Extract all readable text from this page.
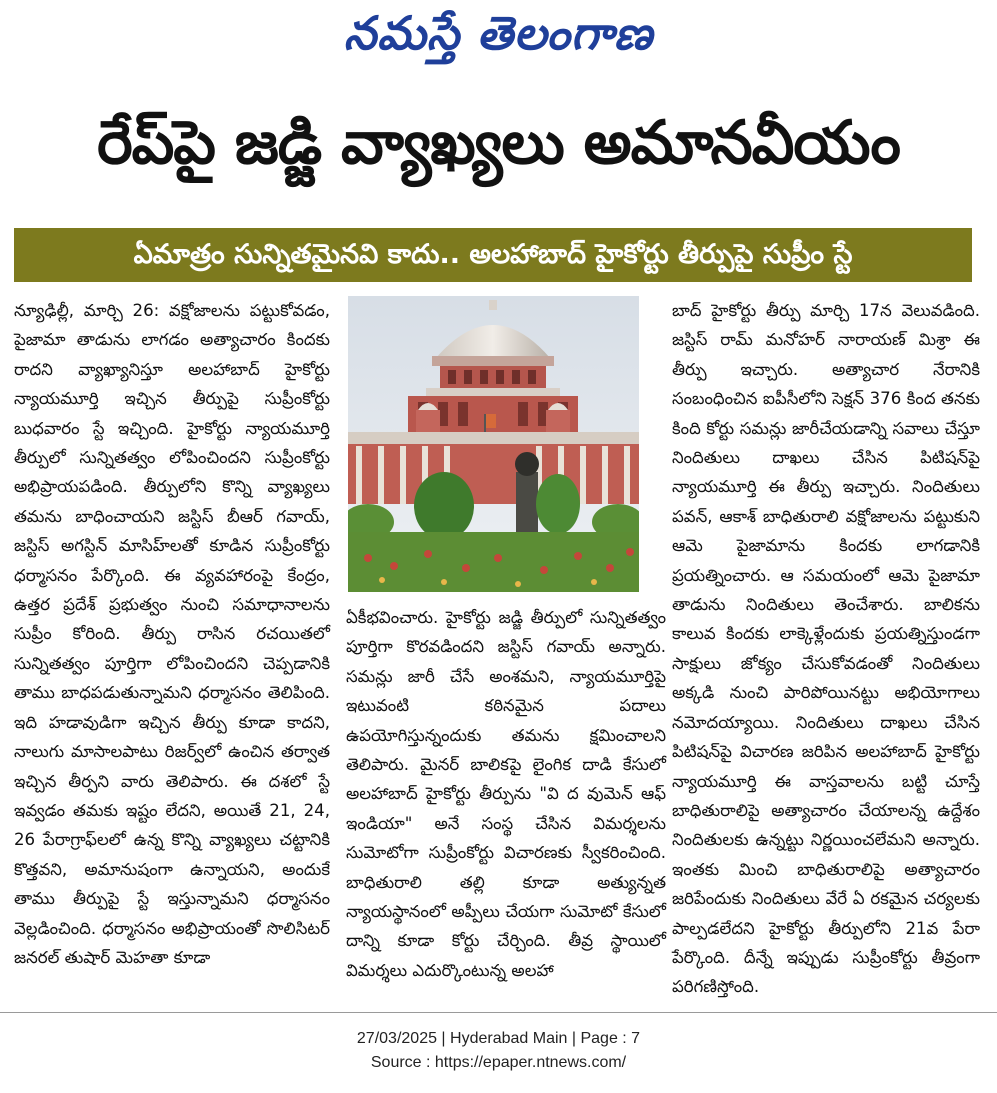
నమస్తే తెలంగాణ
రేప్‌పై జడ్జి వ్యాఖ్యలు అమానవీయం
ఏమాత్రం సున్నితమైనవి కాదు.. అలహాబాద్ హైకోర్టు తీర్పుపై సుప్రీం స్టే

న్యూఢిల్లీ, మార్చి 26: వక్షోజాలను పట్టుకోవడం, పైజామా తాడును లాగడం అత్యాచారం కిందకు రాదని వ్యాఖ్యానిస్తూ అలహాబాద్ హైకోర్టు న్యాయమూర్తి ఇచ్చిన తీర్పుపై సుప్రీంకోర్టు బుధవారం స్టే ఇచ్చింది. హైకోర్టు న్యాయమూర్తి తీర్పులో సున్నితత్వం లోపించిందని సుప్రీంకోర్టు అభిప్రాయపడింది. తీర్పులోని కొన్ని వ్యాఖ్యలు తమను బాధించాయని జస్టిస్ బీఆర్ గవాయ్, జస్టిస్ అగస్టిన్ మాసిహ్‌లతో కూడిన సుప్రీంకోర్టు ధర్మాసనం పేర్కొంది. ఈ వ్యవహారంపై కేంద్రం, ఉత్తర ప్రదేశ్ ప్రభుత్వం నుంచి సమాధానాలను సుప్రీం కోరింది. తీర్పు రాసిన రచయితలో సున్నితత్వం పూర్తిగా లోపించిందని చెప్పడానికి తాము బాధపడుతున్నామని ధర్మాసనం తెలిపింది. ఇది హడావుడిగా ఇచ్చిన తీర్పు కూడా కాదని, నాలుగు మాసాలపాటు రిజర్వ్‌లో ఉంచిన తర్వాత ఇచ్చిన తీర్పని వారు తెలిపారు. ఈ దశలో స్టే ఇవ్వడం తమకు ఇష్టం లేదని, అయితే 21, 24, 26 పేరాగ్రాఫ్‌లలో ఉన్న కొన్ని వ్యాఖ్యలు చట్టానికి కొత్తవని, అమానుషంగా ఉన్నాయని, అందుకే తాము తీర్పుపై స్టే ఇస్తున్నామని ధర్మాసనం వెల్లడించింది. ధర్మాసనం అభిప్రాయంతో సొలిసిటర్ జనరల్ తుషార్ మెహతా కూడా

ఏకీభవించారు. హైకోర్టు జడ్జి తీర్పులో సున్నితత్వం పూర్తిగా కొరవడిందని జస్టిస్ గవాయ్ అన్నారు. సమన్లు జారీ చేసే అంశమని, న్యాయమూర్తిపై ఇటువంటి కఠినమైన పదాలు ఉపయోగిస్తున్నందుకు తమను క్షమించాలని తెలిపారు. మైనర్ బాలికపై లైంగిక దాడి కేసులో అలహాబాద్ హైకోర్టు తీర్పును "వి ద వుమెన్ ఆఫ్ ఇండియా" అనే సంస్థ చేసిన విమర్శలను సుమోటోగా సుప్రీంకోర్టు విచారణకు స్వీకరించింది. బాధితురాలి తల్లి కూడా అత్యున్నత న్యాయస్థానంలో అప్పీలు చేయగా సుమోటో కేసులో దాన్ని కూడా కోర్టు చేర్చింది. తీవ్ర స్థాయిలో విమర్శలు ఎదుర్కొంటున్న అలహా

బాద్ హైకోర్టు తీర్పు మార్చి 17న వెలువడింది. జస్టిస్ రామ్ మనోహర్ నారాయణ్ మిశ్రా ఈ తీర్పు ఇచ్చారు. అత్యాచార నేరానికి సంబంధించిన ఐపీసీలోని సెక్షన్ 376 కింద తనకు కింది కోర్టు సమన్లు జారీచేయడాన్ని సవాలు చేస్తూ నిందితులు దాఖలు చేసిన పిటిషన్‌పై న్యాయమూర్తి ఈ తీర్పు ఇచ్చారు. నిందితులు పవన్, ఆకాశ్ బాధితురాలి వక్షోజాలను పట్టుకుని ఆమె పైజామాను కిందకు లాగడానికి ప్రయత్నించారు. ఆ సమయంలో ఆమె పైజామా తాడును నిందితులు తెంచేశారు. బాలికను కాలువ కిందకు లాక్కెళ్లేందుకు ప్రయత్నిస్తుండగా సాక్షులు జోక్యం చేసుకోవడంతో నిందితులు అక్కడి నుంచి పారిపోయినట్టు అభియోగాలు నమోదయ్యాయి. నిందితులు దాఖలు చేసిన పిటిషన్‌పై విచారణ జరిపిన అలహాబాద్ హైకోర్టు న్యాయమూర్తి ఈ వాస్తవాలను బట్టి చూస్తే బాధితురాలిపై అత్యాచారం చేయాలన్న ఉద్దేశం నిందితులకు ఉన్నట్టు నిర్ణయించలేమని అన్నారు. ఇంతకు మించి బాధితురాలిపై అత్యాచారం జరిపేందుకు నిందితులు వేరే ఏ రకమైన చర్యలకు పాల్పడలేదని హైకోర్టు తీర్పులోని 21వ పేరా పేర్కొంది. దీన్నే ఇప్పుడు సుప్రీంకోర్టు తీవ్రంగా పరిగణిస్తోంది.

27/03/2025 | Hyderabad Main | Page : 7
Source : https://epaper.ntnews.com/
